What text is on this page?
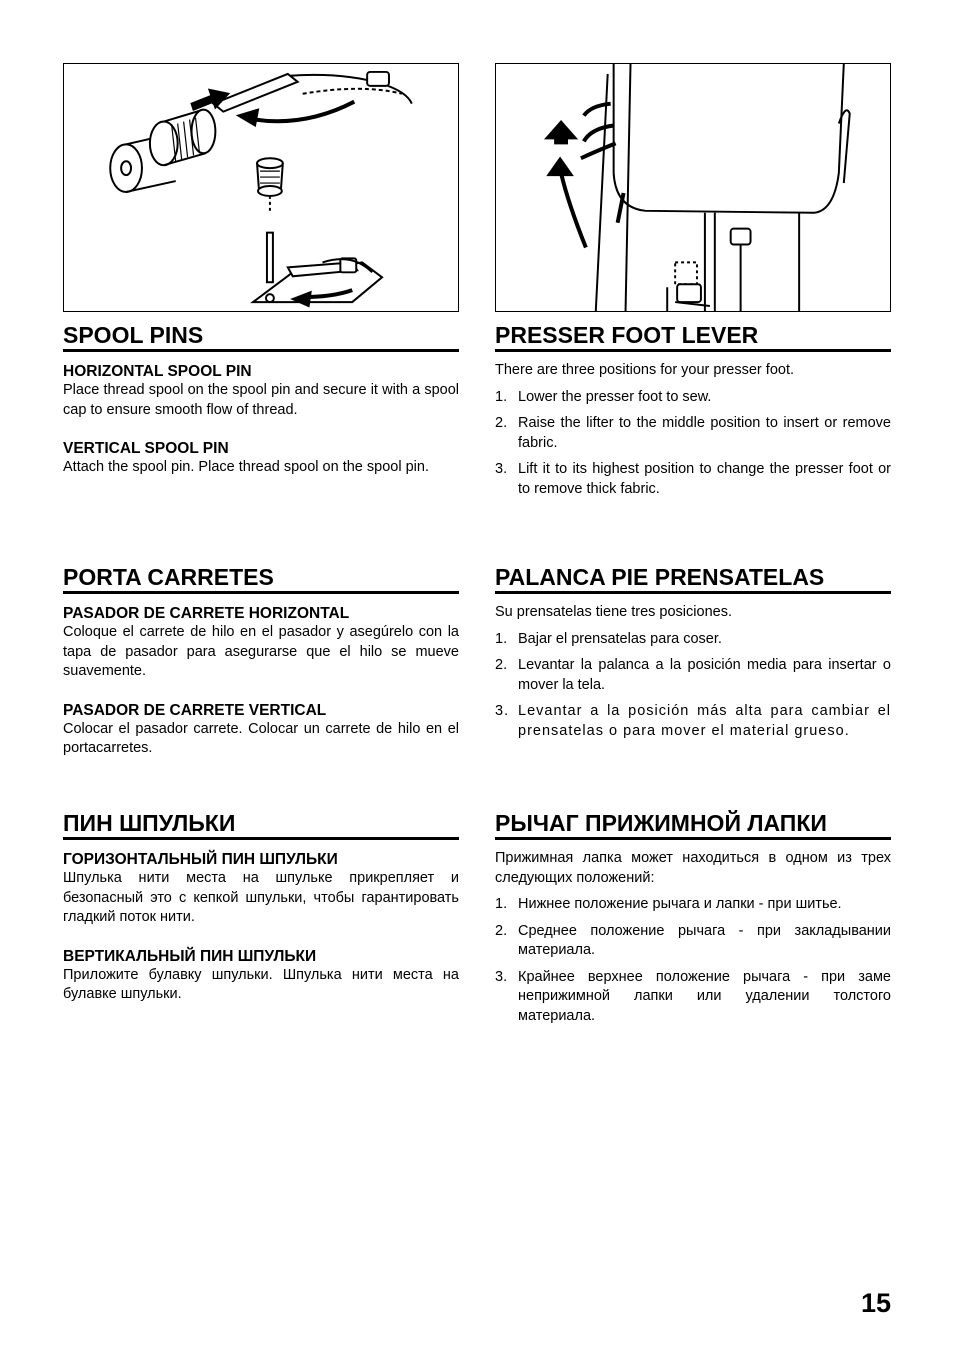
SPOOL PINS
HORIZONTAL SPOOL PIN

Place thread spool on the spool pin and secure it with a spool cap to ensure smooth flow of thread.

VERTICAL SPOOL PIN

Attach the spool pin. Place thread spool on the spool pin.

PRESSER FOOT LEVER

There are three positions for your presser foot.

1. Lower the presser foot to sew.
2. Raise the lifter to the middle position to insert or remove fabric.
3. Lift it to its highest position to change the presser foot or to remove thick fabric.
PORTA CARRETES
PASADOR DE CARRETE HORIZONTAL

Coloque el carrete de hilo en el pasador y asegúrelo con la tapa de pasador para asegurarse que el hilo se mueve suavemente.

PASADOR DE CARRETE VERTICAL

Colocar el pasador carrete. Colocar un carrete de hilo en el portacarretes.

PALANCA PIE PRENSATELAS

Su prensatelas tiene tres posiciones.

1. Bajar el prensatelas para coser.
2. Levantar la palanca a la posición media para insertar o mover la tela.
3. Levantar a la posición más alta para cambiar el prensatelas o para mover el material grueso.
ПИН ШПУЛЬКИ
ГОРИЗОНТАЛЬНЫЙ ПИН ШПУЛЬКИ

Шпулька нити места на шпульке прикрепляет и безопасный это с кепкой шпульки, чтобы гарантировать гладкий поток нити.

ВЕРТИКАЛЬНЫЙ ПИН ШПУЛЬКИ

Приложите булавку шпульки. Шпулька нити места на булавке шпульки.

РЫЧАГ ПРИЖИМНОЙ ЛАПКИ

Прижимная лапка может находиться в одном из трех следующих положений:

1. Нижнее положение рычага и лапки - при шитье.
2. Среднее положение рычага - при закладывании материала.
3. Крайнее верхнее положение рычага - при заме неприжимной лапки или удалении толстого материала.
15
